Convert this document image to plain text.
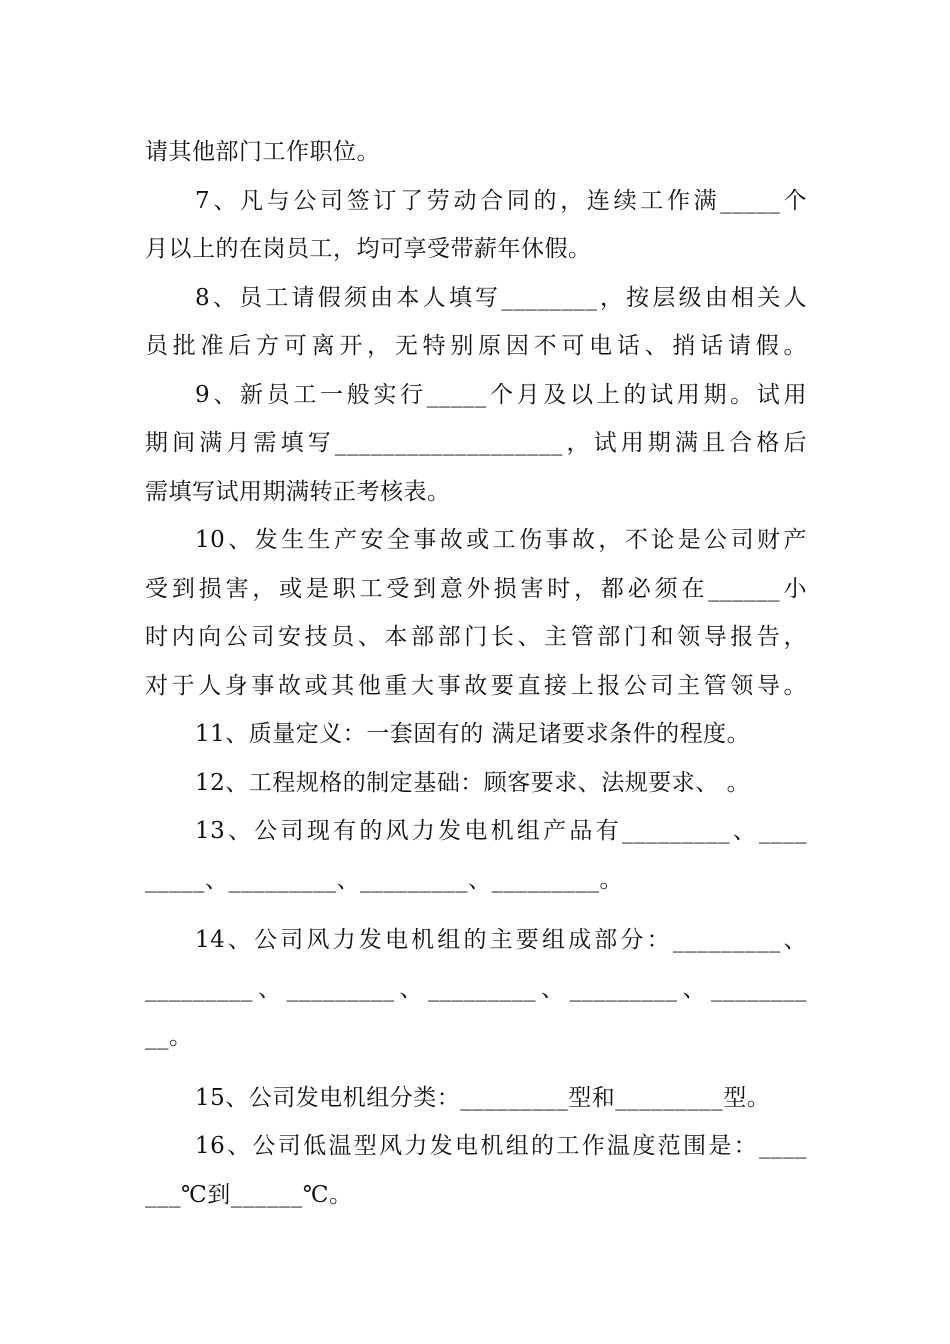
请其他部门工作职位。
7、凡与公司签订了劳动合同的，连续工作满_____个
月以上的在岗员工，均可享受带薪年休假。
8、员工请假须由本人填写________，按层级由相关人
员批准后方可离开，无特别原因不可电话、捎话请假。
9、新员工一般实行_____个月及以上的试用期。试用
期间满月需填写___________________，试用期满且合格后
需填写试用期满转正考核表。
10、发生生产安全事故或工伤事故，不论是公司财产
受到损害，或是职工受到意外损害时，都必须在______小
时内向公司安技员、本部部门长、主管部门和领导报告，
对于人身事故或其他重大事故要直接上报公司主管领导。
11、质量定义：一套固有的 满足诸要求条件的程度。
12、工程规格的制定基础：顾客要求、法规要求、 。
13、公司现有的风力发电机组产品有_________、____
_____、_________、_________、_________。
14、公司风力发电机组的主要组成部分：_________、
_________、_________、_________、_________、________
__。
15、公司发电机组分类：_________型和_________型。
16、公司低温型风力发电机组的工作温度范围是：____
___℃到______℃。
